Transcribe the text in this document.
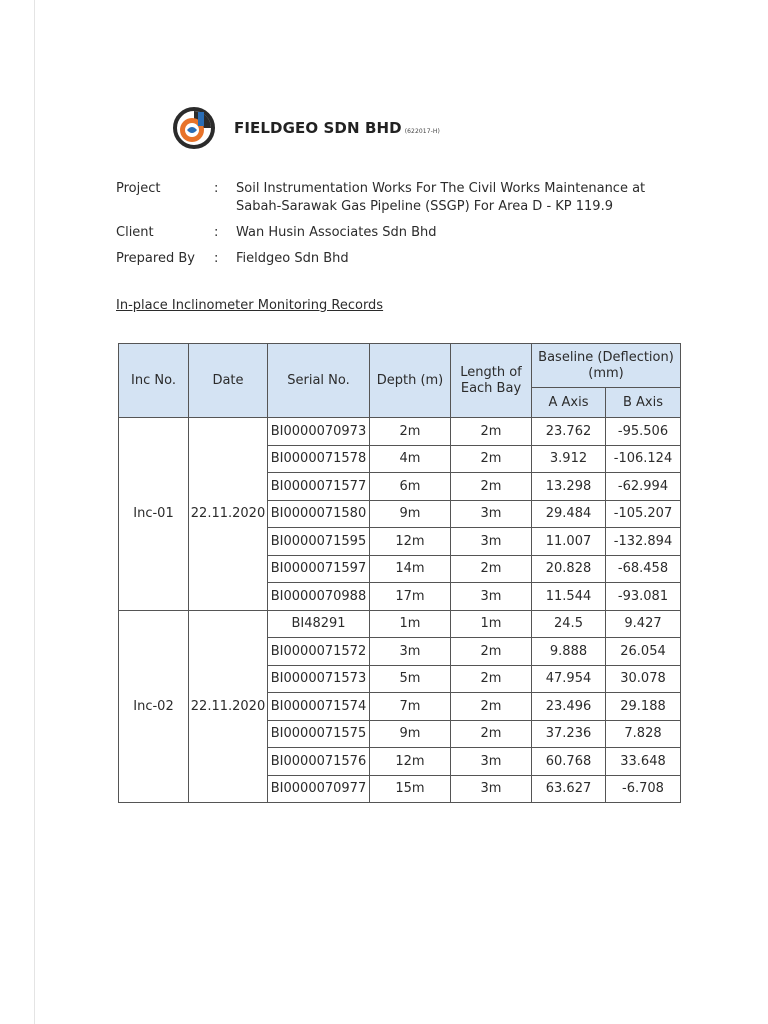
FIELDGEO SDN BHD (622017-H)
Project	:	Soil Instrumentation Works For The Civil Works Maintenance at
Sabah-Sarawak Gas Pipeline (SSGP) For Area D - KP 119.9
Client	:	Wan Husin Associates Sdn Bhd
Prepared By	:	Fieldgeo Sdn Bhd
In-place Inclinometer Monitoring Records
Inc No.	Date	Serial No.	Depth (m)	Length of Each Bay	Baseline (Deflection) (mm)	
					A Axis	B Axis
Inc-01	22.11.2020	BI0000070973	2m	2m	23.762	-95.506
		BI0000071578	4m	2m	3.912	-106.124
		BI0000071577	6m	2m	13.298	-62.994
		BI0000071580	9m	3m	29.484	-105.207
		BI0000071595	12m	3m	11.007	-132.894
		BI0000071597	14m	2m	20.828	-68.458
		BI0000070988	17m	3m	11.544	-93.081
Inc-02	22.11.2020	BI48291	1m	1m	24.5	9.427
		BI0000071572	3m	2m	9.888	26.054
		BI0000071573	5m	2m	47.954	30.078
		BI0000071574	7m	2m	23.496	29.188
		BI0000071575	9m	2m	37.236	7.828
		BI0000071576	12m	3m	60.768	33.648
		BI0000070977	15m	3m	63.627	-6.708
